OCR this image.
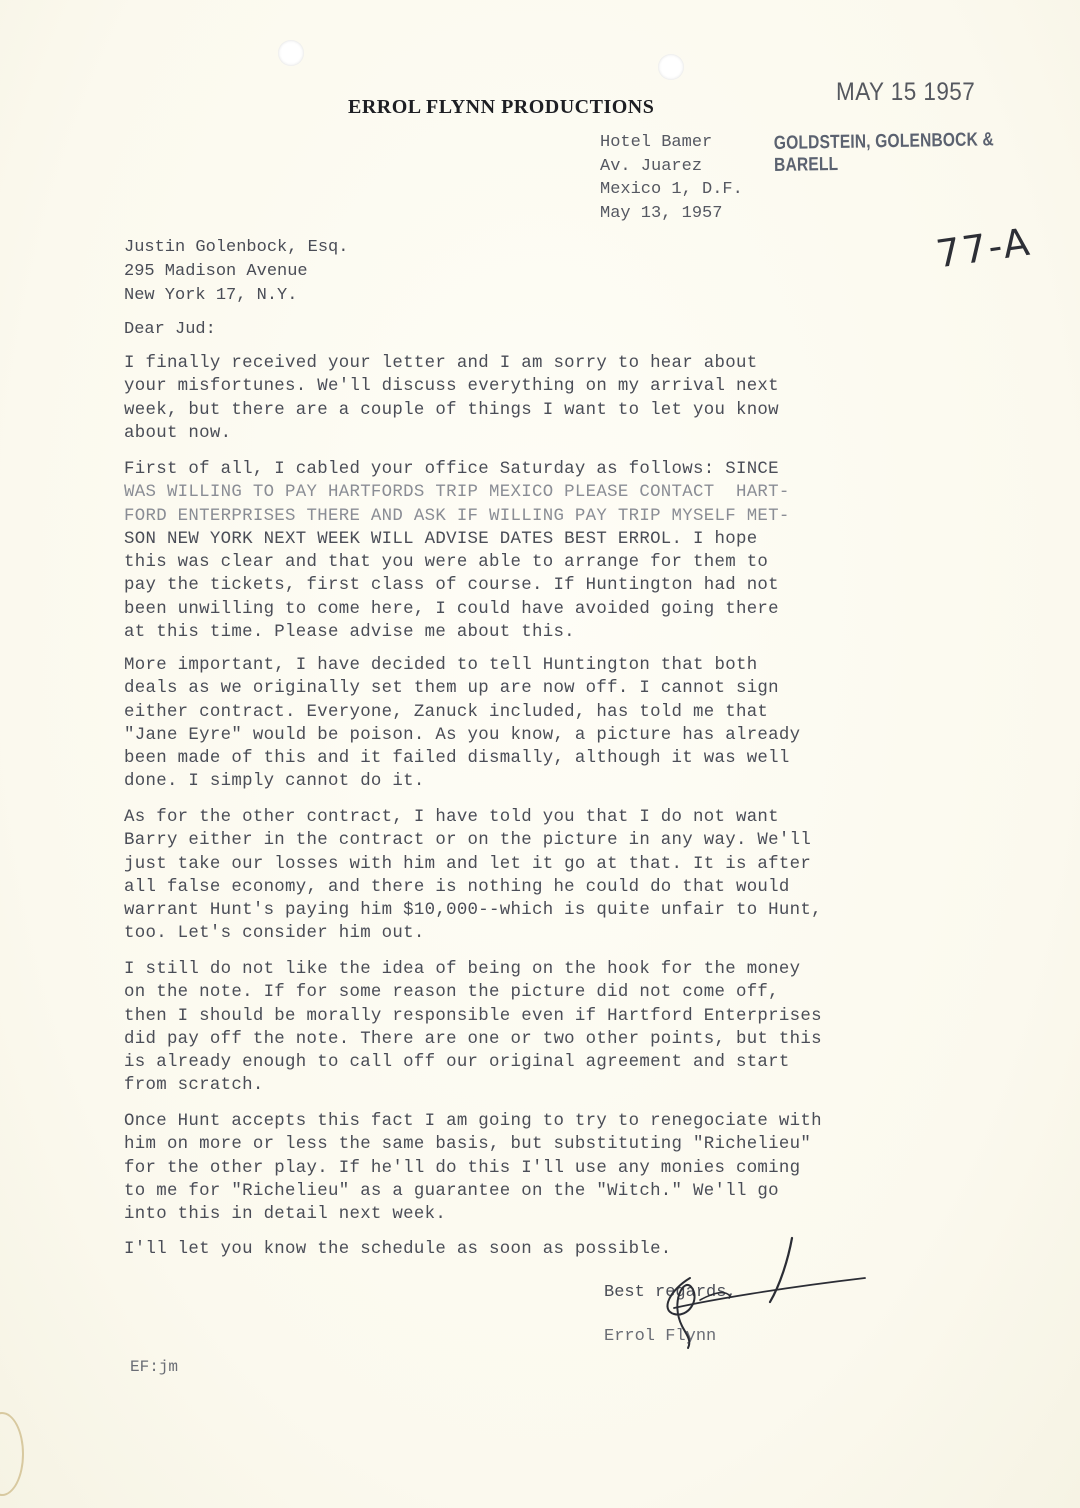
ERROL FLYNN PRODUCTIONS
MAY 15 1957
GOLDSTEIN, GOLENBOCK & BARELL
Hotel Bamer
Av. Juarez
Mexico 1, D.F.
May 13, 1957
77-A
Justin Golenbock, Esq.
295 Madison Avenue
New York 17, N.Y.
Dear Jud:
I finally received your letter and I am sorry to hear about
your misfortunes. We'll discuss everything on my arrival next
week, but there are a couple of things I want to let you know
about now.
First of all, I cabled your office Saturday as follows: SINCE
WAS WILLING TO PAY HARTFORDS TRIP MEXICO PLEASE CONTACT  HART-
FORD ENTERPRISES THERE AND ASK IF WILLING PAY TRIP MYSELF MET-
SON NEW YORK NEXT WEEK WILL ADVISE DATES BEST ERROL. I hope
this was clear and that you were able to arrange for them to
pay the tickets, first class of course. If Huntington had not
been unwilling to come here, I could have avoided going there
at this time. Please advise me about this.
More important, I have decided to tell Huntington that both
deals as we originally set them up are now off. I cannot sign
either contract. Everyone, Zanuck included, has told me that
"Jane Eyre" would be poison. As you know, a picture has already
been made of this and it failed dismally, although it was well
done. I simply cannot do it.
As for the other contract, I have told you that I do not want
Barry either in the contract or on the picture in any way. We'll
just take our losses with him and let it go at that. It is after
all false economy, and there is nothing he could do that would
warrant Hunt's paying him $10,000--which is quite unfair to Hunt,
too. Let's consider him out.
I still do not like the idea of being on the hook for the money
on the note. If for some reason the picture did not come off,
then I should be morally responsible even if Hartford Enterprises
did pay off the note. There are one or two other points, but this
is already enough to call off our original agreement and start
from scratch.
Once Hunt accepts this fact I am going to try to renegociate with
him on more or less the same basis, but substituting "Richelieu"
for the other play. If he'll do this I'll use any monies coming
to me for "Richelieu" as a guarantee on the "Witch." We'll go
into this in detail next week.
I'll let you know the schedule as soon as possible.
Best regards,
Errol Flynn
EF:jm
